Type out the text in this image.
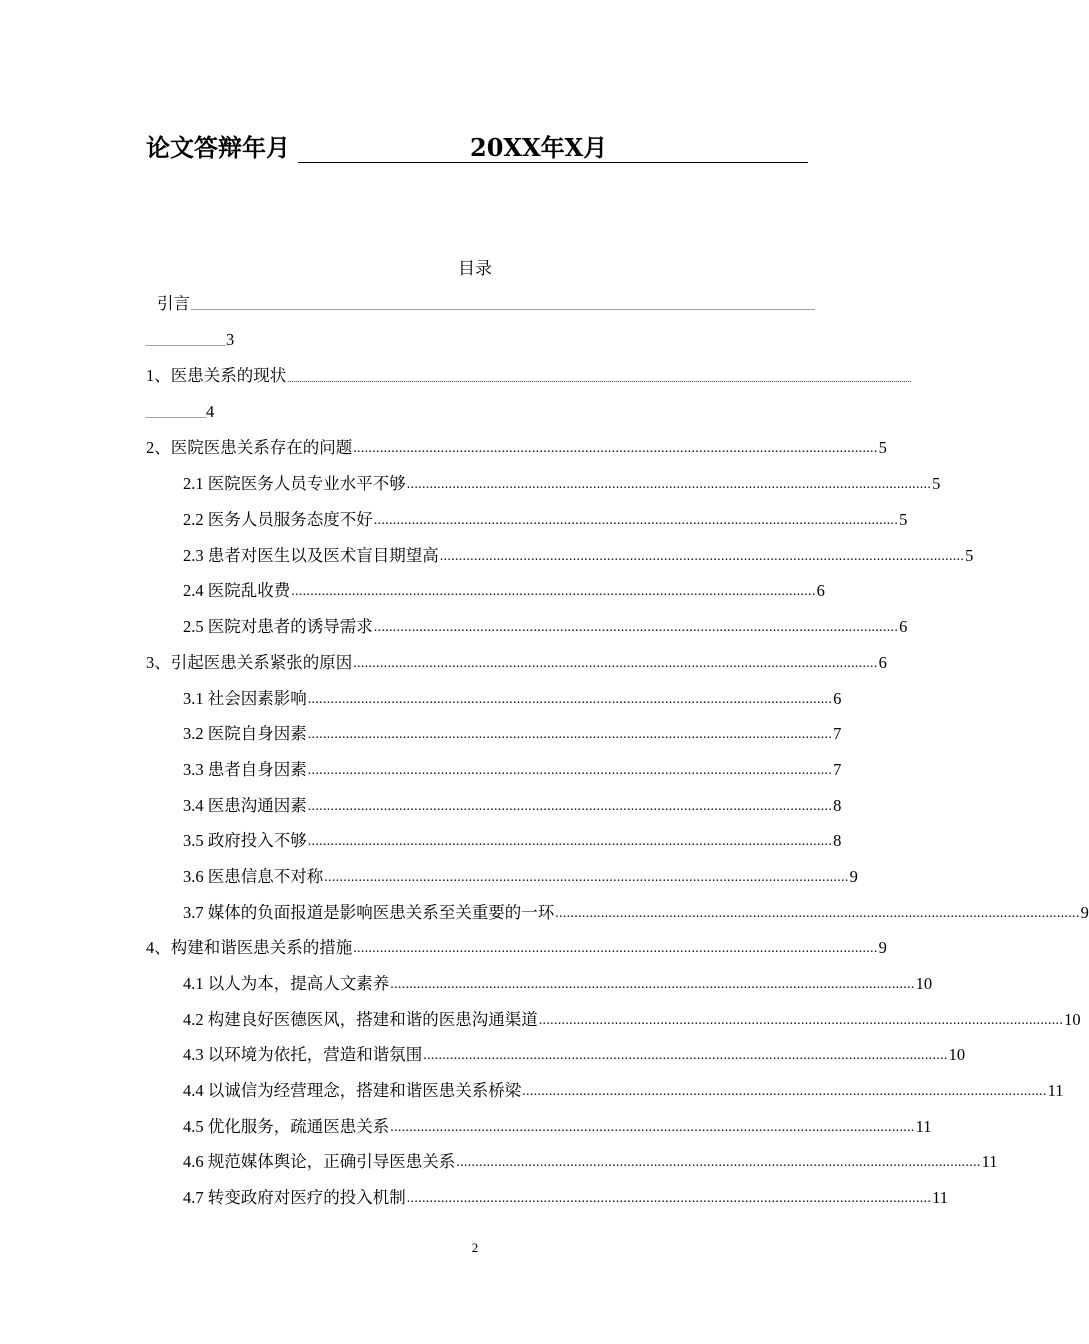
论文答辩年月	20XX年X月
目录
引言 ........................................................................................................................................................................................................................................................................................................................
........................................ 3
1、医患关系的现状 ........................................................................................................................................................................................................................................................................................................................
.............................. 4
2、医院医患关系存在的问题 .......................................................................................................................................... 5
2.1 医院医务人员专业水平不够 .......................................................................................................................................... 5
2.2 医务人员服务态度不好 .......................................................................................................................................... 5
2.3 患者对医生以及医术盲目期望高 .......................................................................................................................................... 5
2.4 医院乱收费 .......................................................................................................................................... 6
2.5 医院对患者的诱导需求 .......................................................................................................................................... 6
3、引起医患关系紧张的原因 .......................................................................................................................................... 6
3.1 社会因素影响 .......................................................................................................................................... 6
3.2 医院自身因素 .......................................................................................................................................... 7
3.3 患者自身因素 .......................................................................................................................................... 7
3.4 医患沟通因素 .......................................................................................................................................... 8
3.5 政府投入不够 .......................................................................................................................................... 8
3.6 医患信息不对称 .......................................................................................................................................... 9
3.7 媒体的负面报道是影响医患关系至关重要的一环 .......................................................................................................................................... 9
4、构建和谐医患关系的措施 .......................................................................................................................................... 9
4.1 以人为本，提高人文素养 .......................................................................................................................................... 10
4.2 构建良好医德医风，搭建和谐的医患沟通渠道 .......................................................................................................................................... 10
4.3 以环境为依托，营造和谐氛围 .......................................................................................................................................... 10
4.4 以诚信为经营理念，搭建和谐医患关系桥梁 .......................................................................................................................................... 11
4.5 优化服务，疏通医患关系 .......................................................................................................................................... 11
4.6 规范媒体舆论，正确引导医患关系 .......................................................................................................................................... 11
4.7 转变政府对医疗的投入机制 .......................................................................................................................................... 11
2
